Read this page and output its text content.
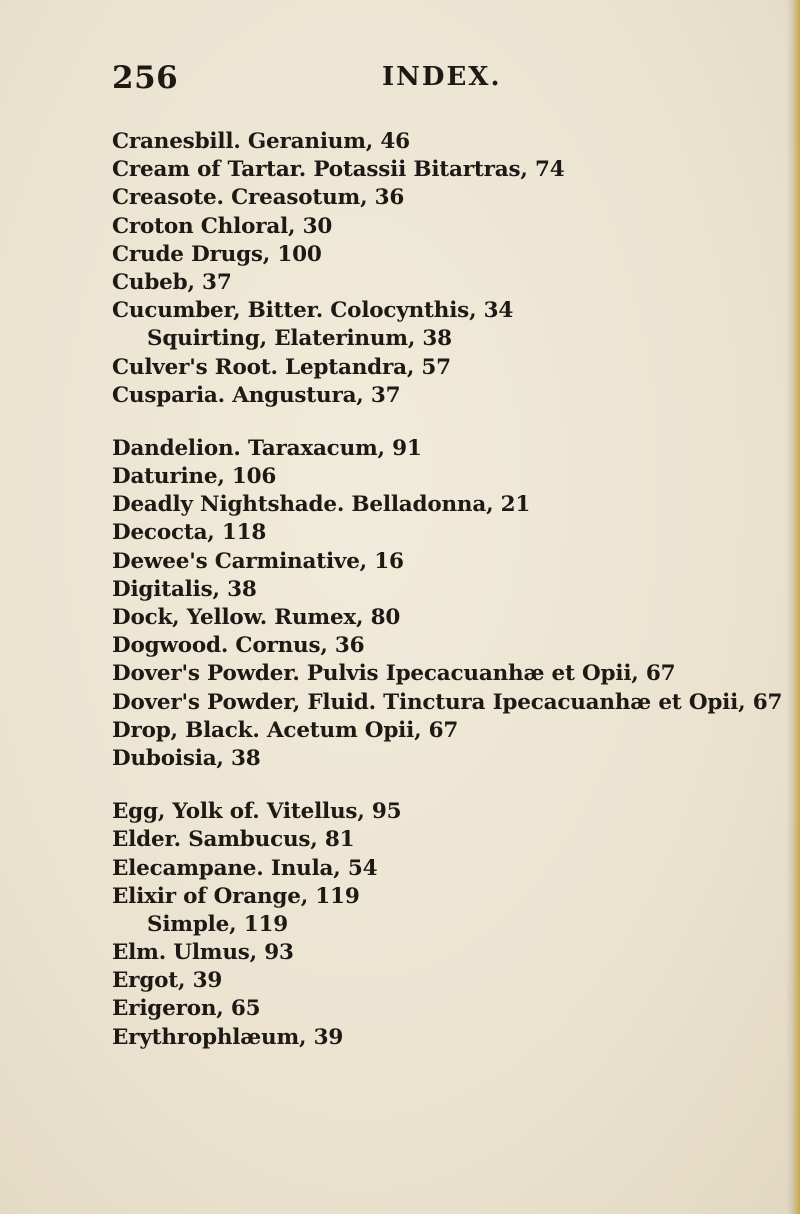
256	INDEX.
Cranesbill. Geranium, 46
Cream of Tartar. Potassii Bitartras, 74
Creasote. Creasotum, 36
Croton Chloral, 30
Crude Drugs, 100
Cubeb, 37
Cucumber, Bitter. Colocynthis, 34
Squirting, Elaterinum, 38
Culver's Root. Leptandra, 57
Cusparia. Angustura, 37
Dandelion. Taraxacum, 91
Daturine, 106
Deadly Nightshade. Belladonna, 21
Decocta, 118
Dewee's Carminative, 16
Digitalis, 38
Dock, Yellow. Rumex, 80
Dogwood. Cornus, 36
Dover's Powder. Pulvis Ipecacuanhæ et Opii, 67
Dover's Powder, Fluid. Tinctura Ipecacuanhæ et Opii, 67
Drop, Black. Acetum Opii, 67
Duboisia, 38
Egg, Yolk of. Vitellus, 95
Elder. Sambucus, 81
Elecampane. Inula, 54
Elixir of Orange, 119
Simple, 119
Elm. Ulmus, 93
Ergot, 39
Erigeron, 65
Erythrophlæum, 39
